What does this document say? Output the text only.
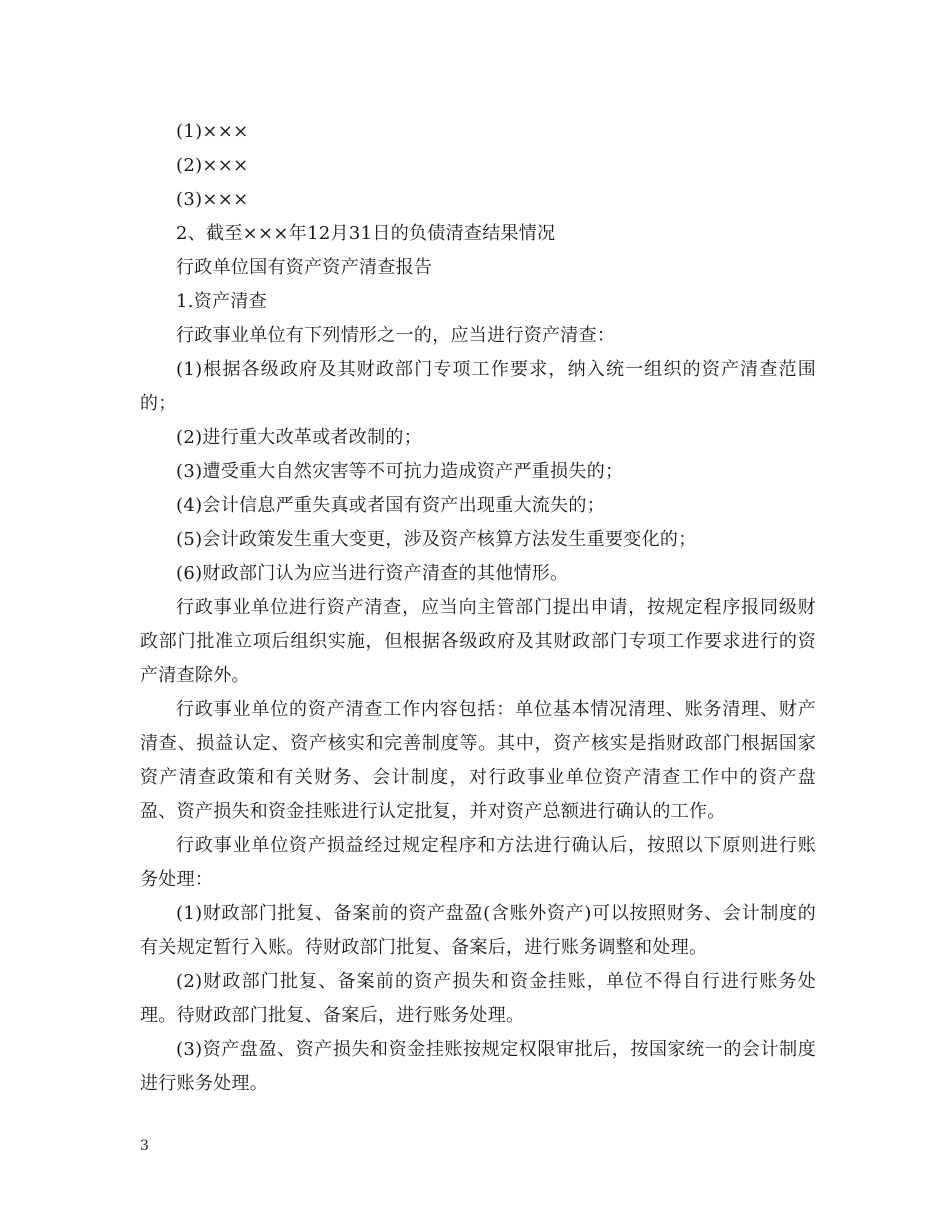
(1)×××

(2)×××

(3)×××

2、截至×××年12月31日的负债清查结果情况

行政单位国有资产资产清查报告

1.资产清查

行政事业单位有下列情形之一的，应当进行资产清查：

(1)根据各级政府及其财政部门专项工作要求，纳入统一组织的资产清查范围的；

(2)进行重大改革或者改制的；

(3)遭受重大自然灾害等不可抗力造成资产严重损失的；

(4)会计信息严重失真或者国有资产出现重大流失的；

(5)会计政策发生重大变更，涉及资产核算方法发生重要变化的；

(6)财政部门认为应当进行资产清查的其他情形。

行政事业单位进行资产清查，应当向主管部门提出申请，按规定程序报同级财政部门批准立项后组织实施，但根据各级政府及其财政部门专项工作要求进行的资产清查除外。

行政事业单位的资产清查工作内容包括：单位基本情况清理、账务清理、财产清查、损益认定、资产核实和完善制度等。其中，资产核实是指财政部门根据国家资产清查政策和有关财务、会计制度，对行政事业单位资产清查工作中的资产盘盈、资产损失和资金挂账进行认定批复，并对资产总额进行确认的工作。

行政事业单位资产损益经过规定程序和方法进行确认后，按照以下原则进行账务处理：

(1)财政部门批复、备案前的资产盘盈(含账外资产)可以按照财务、会计制度的有关规定暂行入账。待财政部门批复、备案后，进行账务调整和处理。

(2)财政部门批复、备案前的资产损失和资金挂账，单位不得自行进行账务处理。待财政部门批复、备案后，进行账务处理。

(3)资产盘盈、资产损失和资金挂账按规定权限审批后，按国家统一的会计制度进行账务处理。

3
